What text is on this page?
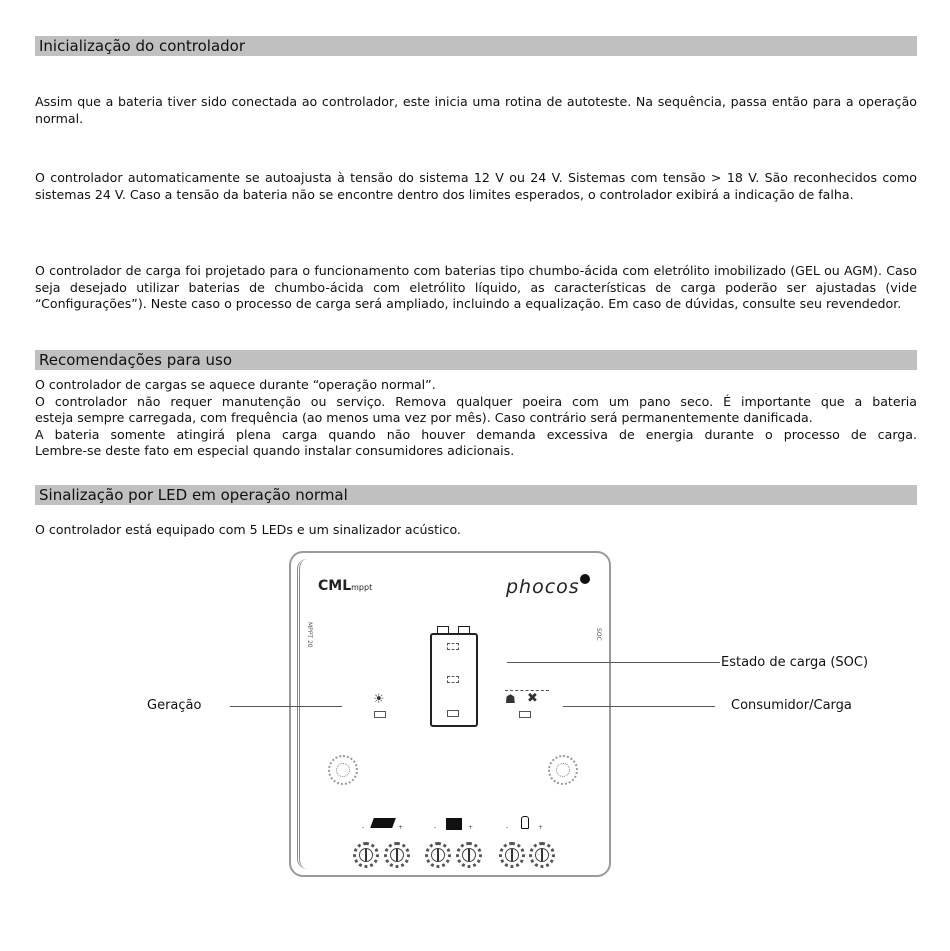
Inicialização do controlador
Assim que a bateria tiver sido conectada ao controlador, este inicia uma rotina de autoteste. Na sequência, passa então para a operação normal.
O controlador automaticamente se autoajusta à tensão do sistema 12 V ou 24 V. Sistemas com tensão > 18 V. São reconhecidos como sistemas 24 V. Caso a tensão da bateria não se encontre dentro dos limites esperados, o controlador exibirá a indicação de falha.
O controlador de carga foi projetado para o funcionamento com baterias tipo chumbo-ácida com eletrólito imobilizado (GEL ou AGM). Caso seja desejado utilizar baterias de chumbo-ácida com eletrólito líquido, as características de carga poderão ser ajustadas (vide “Configurações”). Neste caso o processo de carga será ampliado, incluindo a equalização. Em caso de dúvidas, consulte seu revendedor.
Recomendações para uso
O controlador de cargas se aquece durante “operação normal”.
O controlador não requer manutenção ou serviço. Remova qualquer poeira com um pano seco. É importante que a bateria
esteja sempre carregada, com frequência (ao menos uma vez por mês). Caso contrário será permanentemente danificada.
A bateria somente atingirá plena carga quando não houver demanda excessiva de energia durante o processo de carga.
Lembre-se deste fato em especial quando instalar consumidores adicionais.
Sinalização por LED em operação normal
O controlador está equipado com 5 LEDs e um sinalizador acústico.
CMLmppt	phocos
MPPT 20	SOC
☀	☗ ✖
-	+	-	+	-	+
Estado de carga (SOC)
Geração	Consumidor/Carga
